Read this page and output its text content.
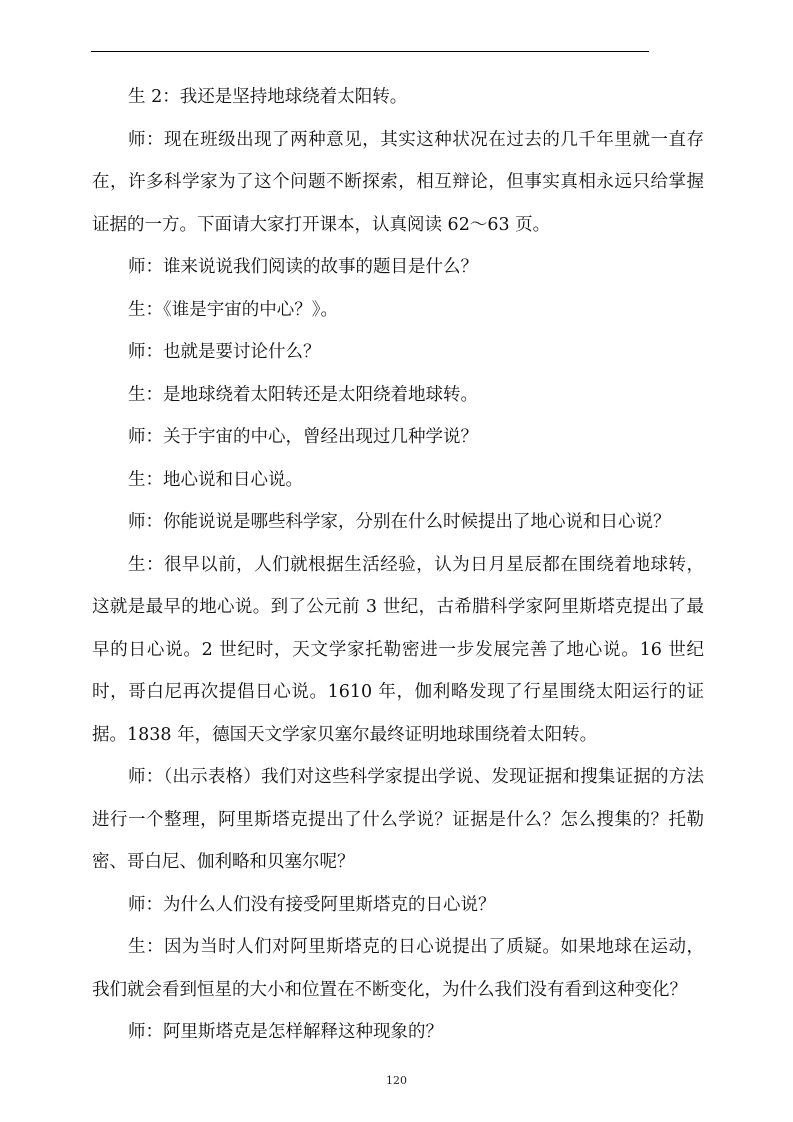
生 2：我还是坚持地球绕着太阳转。

师：现在班级出现了两种意见，其实这种状况在过去的几千年里就一直存在，许多科学家为了这个问题不断探索，相互辩论，但事实真相永远只给掌握证据的一方。下面请大家打开课本，认真阅读 62～63 页。

师：谁来说说我们阅读的故事的题目是什么？

生：《谁是宇宙的中心？》。

师：也就是要讨论什么？

生：是地球绕着太阳转还是太阳绕着地球转。

师：关于宇宙的中心，曾经出现过几种学说？

生：地心说和日心说。

师：你能说说是哪些科学家，分别在什么时候提出了地心说和日心说？

生：很早以前，人们就根据生活经验，认为日月星辰都在围绕着地球转，这就是最早的地心说。到了公元前 3 世纪，古希腊科学家阿里斯塔克提出了最早的日心说。2 世纪时，天文学家托勒密进一步发展完善了地心说。16 世纪时，哥白尼再次提倡日心说。1610 年，伽利略发现了行星围绕太阳运行的证据。1838 年，德国天文学家贝塞尔最终证明地球围绕着太阳转。

师：（出示表格）我们对这些科学家提出学说、发现证据和搜集证据的方法进行一个整理，阿里斯塔克提出了什么学说？证据是什么？怎么搜集的？托勒密、哥白尼、伽利略和贝塞尔呢？

师：为什么人们没有接受阿里斯塔克的日心说？

生：因为当时人们对阿里斯塔克的日心说提出了质疑。如果地球在运动，我们就会看到恒星的大小和位置在不断变化，为什么我们没有看到这种变化？

师：阿里斯塔克是怎样解释这种现象的？

120
